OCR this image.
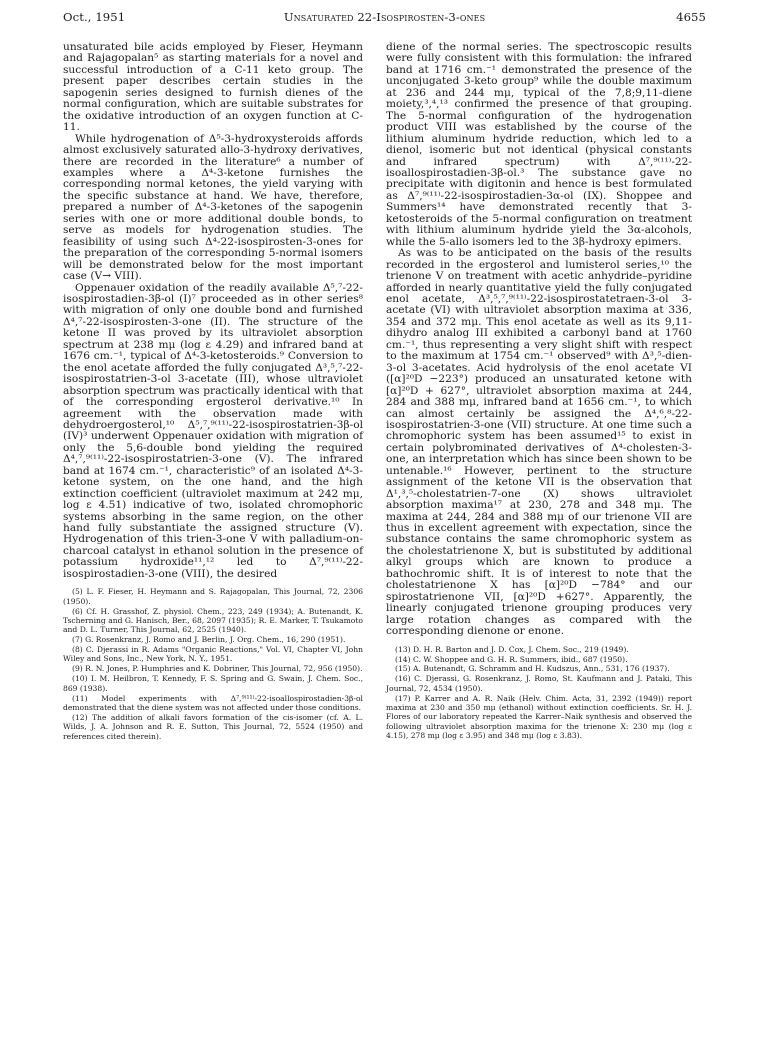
Oct., 1951	Unsaturated 22-Isospirosten-3-ones	4655

unsaturated bile acids employed by Fieser, Heymann and Rajagopalan⁵ as starting materials for a novel and successful introduction of a C-11 keto group. The present paper describes certain studies in the sapogenin series designed to furnish dienes of the normal configuration, which are suitable substrates for the oxidative introduction of an oxygen function at C-11.

While hydrogenation of Δ⁵-3-hydroxysteroids affords almost exclusively saturated allo-3-hydroxy derivatives, there are recorded in the literature⁶ a number of examples where a Δ⁴-3-ketone furnishes the corresponding normal ketones, the yield varying with the specific substance at hand. We have, therefore, prepared a number of Δ⁴-3-ketones of the sapogenin series with one or more additional double bonds, to serve as models for hydrogenation studies. The feasibility of using such Δ⁴-22-isospirosten-3-ones for the preparation of the corresponding 5-normal isomers will be demonstrated below for the most important case (V→ VIII).

Oppenauer oxidation of the readily available Δ⁵,⁷-22-isospirostadien-3β-ol (I)⁷ proceeded as in other series⁸ with migration of only one double bond and furnished Δ⁴,⁷-22-isospirosten-3-one (II). The structure of the ketone II was proved by its ultraviolet absorption spectrum at 238 mμ (log ε 4.29) and infrared band at 1676 cm.⁻¹, typical of Δ⁴-3-ketosteroids.⁹ Conversion to the enol acetate afforded the fully conjugated Δ³,⁵,⁷-22-isospirostatrien-3-ol 3-acetate (III), whose ultraviolet absorption spectrum was practically identical with that of the corresponding ergosterol derivative.¹⁰ In agreement with the observation made with dehydroergosterol,¹⁰ Δ⁵,⁷,⁹⁽¹¹⁾-22-isospirostatrien-3β-ol (IV)³ underwent Oppenauer oxidation with migration of only the 5,6-double bond yielding the required Δ⁴,⁷,⁹⁽¹¹⁾-22-isospirostatrien-3-one (V). The infrared band at 1674 cm.⁻¹, characteristic⁹ of an isolated Δ⁴-3-ketone system, on the one hand, and the high extinction coefficient (ultraviolet maximum at 242 mμ, log ε 4.51) indicative of two, isolated chromophoric systems absorbing in the same region, on the other hand fully substantiate the assigned structure (V). Hydrogenation of this trien-3-one V with palladium-on-charcoal catalyst in ethanol solution in the presence of potassium hydroxide¹¹,¹² led to Δ⁷,⁹⁽¹¹⁾-22-isospirostadien-3-one (VIII), the desired

(5) L. F. Fieser, H. Heymann and S. Rajagopalan, This Journal, 72, 2306 (1950).

(6) Cf. H. Grasshof, Z. physiol. Chem., 223, 249 (1934); A. Butenandt, K. Tscherning and G. Hanisch, Ber., 68, 2097 (1935); R. E. Marker, T. Tsukamoto and D. L. Turner, This Journal, 62, 2525 (1940).

(7) G. Rosenkranz, J. Romo and J. Berlin, J. Org. Chem., 16, 290 (1951).

(8) C. Djerassi in R. Adams "Organic Reactions," Vol. VI, Chapter VI, John Wiley and Sons, Inc., New York, N. Y., 1951.

(9) R. N. Jones, P. Humphries and K. Dobriner, This Journal, 72, 956 (1950).

(10) I. M. Heilbron, T. Kennedy, F. S. Spring and G. Swain, J. Chem. Soc., 869 (1938).

(11) Model experiments with Δ⁷,⁹⁽¹¹⁾-22-isoallospirostadien-3β-ol demonstrated that the diene system was not affected under those conditions.

(12) The addition of alkali favors formation of the cis-isomer (cf. A. L. Wilds, J. A. Johnson and R. E. Sutton, This Journal, 72, 5524 (1950) and references cited therein).

diene of the normal series. The spectroscopic results were fully consistent with this formulation: the infrared band at 1716 cm.⁻¹ demonstrated the presence of the unconjugated 3-keto group⁹ while the double maximum at 236 and 244 mμ, typical of the 7,8;9,11-diene moiety,³,⁴,¹³ confirmed the presence of that grouping. The 5-normal configuration of the hydrogenation product VIII was established by the course of the lithium aluminum hydride reduction, which led to a dienol, isomeric but not identical (physical constants and infrared spectrum) with Δ⁷,⁹⁽¹¹⁾-22-isoallospirostadien-3β-ol.³ The substance gave no precipitate with digitonin and hence is best formulated as Δ⁷,⁹⁽¹¹⁾-22-isospirostadien-3α-ol (IX). Shoppee and Summers¹⁴ have demonstrated recently that 3-ketosteroids of the 5-normal configuration on treatment with lithium aluminum hydride yield the 3α-alcohols, while the 5-allo isomers led to the 3β-hydroxy epimers.

As was to be anticipated on the basis of the results recorded in the ergosterol and lumisterol series,¹⁰ the trienone V on treatment with acetic anhydride–pyridine afforded in nearly quantitative yield the fully conjugated enol acetate, Δ³,⁵,⁷,⁹⁽¹¹⁾-22-isospirostatetraen-3-ol 3-acetate (VI) with ultraviolet absorption maxima at 336, 354 and 372 mμ. This enol acetate as well as its 9,11-dihydro analog III exhibited a carbonyl band at 1760 cm.⁻¹, thus representing a very slight shift with respect to the maximum at 1754 cm.⁻¹ observed⁹ with Δ³,⁵-dien-3-ol 3-acetates. Acid hydrolysis of the enol acetate VI ([α]²⁰D −223°) produced an unsaturated ketone with [α]²⁰D + 627°, ultraviolet absorption maxima at 244, 284 and 388 mμ, infrared band at 1656 cm.⁻¹, to which can almost certainly be assigned the Δ⁴,⁶,⁸-22-isospirostatrien-3-one (VII) structure. At one time such a chromophoric system has been assumed¹⁵ to exist in certain polybrominated derivatives of Δ⁴-cholesten-3-one, an interpretation which has since been shown to be untenable.¹⁶ However, pertinent to the structure assignment of the ketone VII is the observation that Δ¹,³,⁵-cholestatrien-7-one (X) shows ultraviolet absorption maxima¹⁷ at 230, 278 and 348 mμ. The maxima at 244, 284 and 388 mμ of our trienone VII are thus in excellent agreement with expectation, since the substance contains the same chromophoric system as the cholestatrienone X, but is substituted by additional alkyl groups which are known to produce a bathochromic shift. It is of interest to note that the cholestatrienone X has [α]²⁰D −784° and our spirostatrienone VII, [α]²⁰D +627°. Apparently, the linearly conjugated trienone grouping produces very large rotation changes as compared with the corresponding dienone or enone.

(13) D. H. R. Barton and J. D. Cox, J. Chem. Soc., 219 (1949).

(14) C. W. Shoppee and G. H. R. Summers, ibid., 687 (1950).

(15) A. Butenandt, G. Schramm and H. Kudszus, Ann., 531, 176 (1937).

(16) C. Djerassi, G. Rosenkranz, J. Romo, St. Kaufmann and J. Pataki, This Journal, 72, 4534 (1950).

(17) P. Karrer and A. R. Naik (Helv. Chim. Acta, 31, 2392 (1949)) report maxima at 230 and 350 mμ (ethanol) without extinction coefficients. Sr. H. J. Flores of our laboratory repeated the Karrer–Naik synthesis and observed the following ultraviolet absorption maxima for the trienone X: 230 mμ (log ε 4.15), 278 mμ (log ε 3.95) and 348 mμ (log ε 3.83).
